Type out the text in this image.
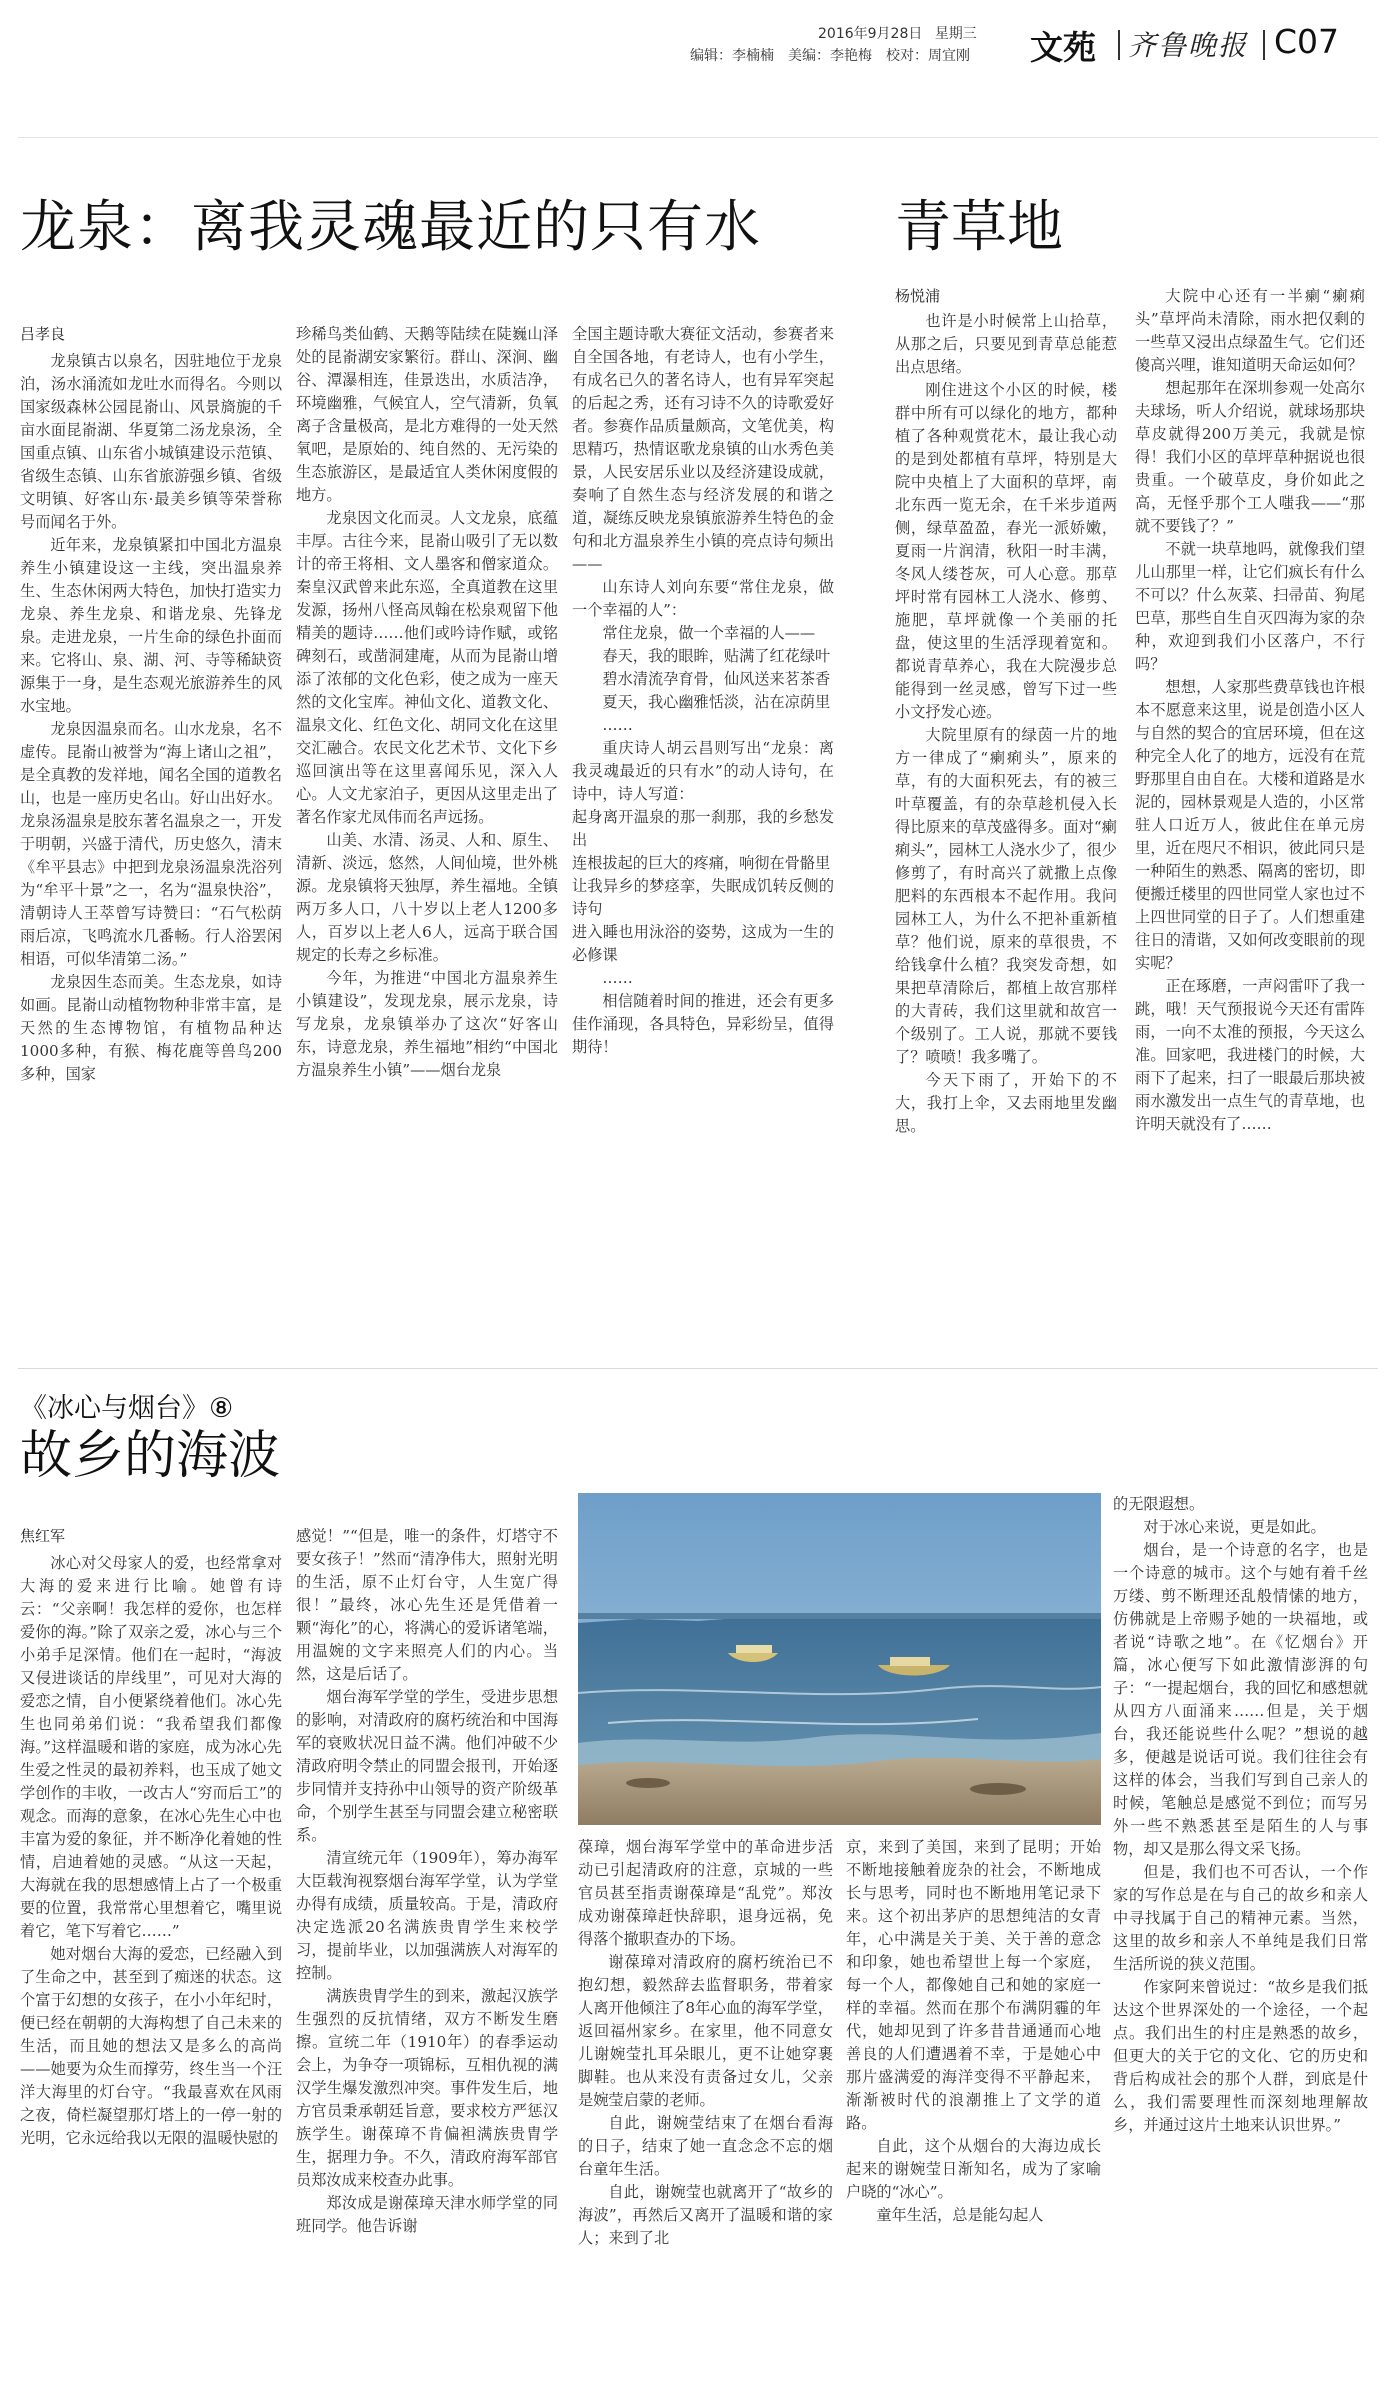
2016年9月28日 星期三
编辑：李楠楠　美编：李艳梅　校对：周宜刚 文苑 齐鲁晚报 C07
龙泉：离我灵魂最近的只有水
吕孝良

龙泉镇古以泉名，因驻地位于龙泉泊，汤水涌流如龙吐水而得名。今则以国家级森林公园昆嵛山、风景旖旎的千亩水面昆嵛湖、华夏第二汤龙泉汤，全国重点镇、山东省小城镇建设示范镇、省级生态镇、山东省旅游强乡镇、省级文明镇、好客山东·最美乡镇等荣誉称号而闻名于外。

近年来，龙泉镇紧扣中国北方温泉养生小镇建设这一主线，突出温泉养生、生态休闲两大特色，加快打造实力龙泉、养生龙泉、和谐龙泉、先锋龙泉。走进龙泉，一片生命的绿色扑面而来。它将山、泉、湖、河、寺等稀缺资源集于一身，是生态观光旅游养生的风水宝地。

龙泉因温泉而名。山水龙泉，名不虚传。昆嵛山被誉为“海上诸山之祖”，是全真教的发祥地，闻名全国的道教名山，也是一座历史名山。好山出好水。龙泉汤温泉是胶东著名温泉之一，开发于明朝，兴盛于清代，历史悠久，清末《牟平县志》中把到龙泉汤温泉洗浴列为“牟平十景”之一，名为“温泉快浴”，清朝诗人王萃曾写诗赞曰：“石气松荫雨后凉，飞鸣流水几番畅。行人浴罢闲相语，可似华清第二汤。”

龙泉因生态而美。生态龙泉，如诗如画。昆嵛山动植物物种非常丰富，是天然的生态博物馆，有植物品种达1000多种，有猴、梅花鹿等兽鸟200多种，国家

珍稀鸟类仙鹤、天鹅等陆续在陡巍山泽处的昆嵛湖安家繁衍。群山、深涧、幽谷、潭瀑相连，佳景迭出，水质洁净，环境幽雅，气候宜人，空气清新，负氧离子含量极高，是北方难得的一处天然氧吧，是原始的、纯自然的、无污染的生态旅游区，是最适宜人类休闲度假的地方。

龙泉因文化而灵。人文龙泉，底蕴丰厚。古往今来，昆嵛山吸引了无以数计的帝王将相、文人墨客和僧家道众。秦皇汉武曾来此东巡，全真道教在这里发源，扬州八怪高凤翰在松泉观留下他精美的题诗……他们或吟诗作赋，或铭碑刻石，或凿洞建庵，从而为昆嵛山增添了浓郁的文化色彩，使之成为一座天然的文化宝库。神仙文化、道教文化、温泉文化、红色文化、胡同文化在这里交汇融合。农民文化艺术节、文化下乡巡回演出等在这里喜闻乐见，深入人心。人文尤家泊子，更因从这里走出了著名作家尤凤伟而名声远扬。

山美、水清、汤灵、人和、原生、清新、淡远，悠然，人间仙境，世外桃源。龙泉镇将天独厚，养生福地。全镇两万多人口，八十岁以上老人1200多人，百岁以上老人6人，远高于联合国规定的长寿之乡标准。

今年，为推进“中国北方温泉养生小镇建设”，发现龙泉，展示龙泉，诗写龙泉，龙泉镇举办了这次“好客山东，诗意龙泉，养生福地”相约“中国北方温泉养生小镇”——烟台龙泉

全国主题诗歌大赛征文活动，参赛者来自全国各地，有老诗人，也有小学生，有成名已久的著名诗人，也有异军突起的后起之秀，还有习诗不久的诗歌爱好者。参赛作品质量颇高，文笔优美，构思精巧，热情讴歌龙泉镇的山水秀色美景，人民安居乐业以及经济建设成就，奏响了自然生态与经济发展的和谐之道，凝练反映龙泉镇旅游养生特色的金句和北方温泉养生小镇的亮点诗句频出——

山东诗人刘向东要“常住龙泉，做一个幸福的人”：

常住龙泉，做一个幸福的人——

春天，我的眼眸，贴满了红花绿叶

碧水清流孕育骨，仙风送来茗茶香

夏天，我心幽雅恬淡，沾在凉荫里

……

重庆诗人胡云昌则写出“龙泉：离我灵魂最近的只有水”的动人诗句，在诗中，诗人写道：

起身离开温泉的那一刹那，我的乡愁发出

连根拔起的巨大的疼痛，响彻在骨骼里

让我异乡的梦痉挛，失眠成饥转反侧的诗句

进入睡也用泳浴的姿势，这成为一生的必修课

……

相信随着时间的推进，还会有更多佳作涌现，各具特色，异彩纷呈，值得期待！

青草地
杨悦浦

也许是小时候常上山拾草，从那之后，只要见到青草总能惹出点思绪。

刚住进这个小区的时候，楼群中所有可以绿化的地方，都种植了各种观赏花木，最让我心动的是到处都植有草坪，特别是大院中央植上了大面积的草坪，南北东西一览无余，在千米步道两侧，绿草盈盈，春光一派娇嫩，夏雨一片润清，秋阳一时丰满，冬风人缕苍灰，可人心意。那草坪时常有园林工人浇水、修剪、施肥，草坪就像一个美丽的托盘，使这里的生活浮现着宽和。都说青草养心，我在大院漫步总能得到一丝灵感，曾写下过一些小文抒发心迹。

大院里原有的绿茵一片的地方一律成了“瘌痢头”，原来的草，有的大面积死去，有的被三叶草覆盖，有的杂草趁机侵入长得比原来的草茂盛得多。面对“瘌痢头”，园林工人浇水少了，很少修剪了，有时高兴了就撒上点像肥料的东西根本不起作用。我问园林工人，为什么不把补重新植草？他们说，原来的草很贵，不给钱拿什么植？我突发奇想，如果把草清除后，都植上故宫那样的大青砖，我们这里就和故宫一个级别了。工人说，那就不要钱了？喷喷！我多嘴了。

今天下雨了，开始下的不大，我打上伞，又去雨地里发幽思。

大院中心还有一半瘌“瘌痢头”草坪尚未清除，雨水把仅剩的一些草又浸出点绿盈生气。它们还傻高兴哩，谁知道明天命运如何？

想起那年在深圳参观一处高尔夫球场，听人介绍说，就球场那块草皮就得200万美元，我就是惊得！我们小区的草坪草种据说也很贵重。一个破草皮，身价如此之高，无怪乎那个工人嗤我——“那就不要钱了？”

不就一块草地吗，就像我们望儿山那里一样，让它们疯长有什么不可以？什么灰菜、扫帚苗、狗尾巴草，那些自生自灭四海为家的杂种，欢迎到我们小区落户，不行吗？

想想，人家那些费草钱也许根本不愿意来这里，说是创造小区人与自然的契合的宜居环境，但在这种完全人化了的地方，远没有在荒野那里自由自在。大楼和道路是水泥的，园林景观是人造的，小区常驻人口近万人，彼此住在单元房里，近在咫尺不相识，彼此同只是一种陌生的熟悉、隔离的密切，即便搬迁楼里的四世同堂人家也过不上四世同堂的日子了。人们想重建往日的清谐，又如何改变眼前的现实呢？

正在琢磨，一声闷雷吓了我一跳，哦！天气预报说今天还有雷阵雨，一向不太准的预报，今天这么准。回家吧，我进楼门的时候，大雨下了起来，扫了一眼最后那块被雨水激发出一点生气的青草地，也许明天就没有了……

《冰心与烟台》⑧
故乡的海波
焦红军

冰心对父母家人的爱，也经常拿对大海的爱来进行比喻。她曾有诗云：“父亲啊！我怎样的爱你，也怎样爱你的海。”除了双亲之爱，冰心与三个小弟手足深情。他们在一起时，“海波又侵进谈话的岸线里”，可见对大海的爱恋之情，自小便紧绕着他们。冰心先生也同弟弟们说：“我希望我们都像海。”这样温暖和谐的家庭，成为冰心先生爱之性灵的最初养料，也玉成了她文学创作的丰收，一改古人“穷而后工”的观念。而海的意象，在冰心先生心中也丰富为爱的象征，并不断净化着她的性情，启迪着她的灵感。“从这一天起，大海就在我的思想感情上占了一个极重要的位置，我常常心里想着它，嘴里说着它，笔下写着它……”

她对烟台大海的爱恋，已经融入到了生命之中，甚至到了痴迷的状态。这个富于幻想的女孩子，在小小年纪时，便已经在朝朝的大海构想了自己未来的生活，而且她的想法又是多么的高尚——她要为众生而撑劳，终生当一个汪洋大海里的灯台守。“我最喜欢在风雨之夜，倚栏凝望那灯塔上的一停一射的光明，它永远给我以无限的温暖快慰的

感觉！”“但是，唯一的条件，灯塔守不要女孩子！”然而“清净伟大，照射光明的生活，原不止灯台守，人生宽广得很！”最终，冰心先生还是凭借着一颗“海化”的心，将满心的爱诉诸笔端，用温婉的文字来照亮人们的内心。当然，这是后话了。

烟台海军学堂的学生，受进步思想的影响，对清政府的腐朽统治和中国海军的衰败状况日益不满。他们冲破不少清政府明令禁止的同盟会报刊，开始逐步同情并支持孙中山领导的资产阶级革命，个别学生甚至与同盟会建立秘密联系。

清宣统元年（1909年），筹办海军大臣载洵视察烟台海军学堂，认为学堂办得有成绩，质量较高。于是，清政府决定选派20名满族贵胄学生来校学习，提前毕业，以加强满族人对海军的控制。

满族贵胄学生的到来，激起汉族学生强烈的反抗情绪，双方不断发生磨擦。宣统二年（1910年）的春季运动会上，为争夺一项锦标，互相仇视的满汉学生爆发激烈冲突。事件发生后，地方官员秉承朝廷旨意，要求校方严惩汉族学生。谢葆璋不肯偏袒满族贵胄学生，据理力争。不久，清政府海军部官员郑汝成来校查办此事。

郑汝成是谢葆璋天津水师学堂的同班同学。他告诉谢

葆璋，烟台海军学堂中的革命进步活动已引起清政府的注意，京城的一些官员甚至指责谢葆璋是“乱党”。郑汝成劝谢葆璋赶快辞职，退身远祸，免得落个撤职查办的下场。

谢葆璋对清政府的腐朽统治已不抱幻想，毅然辞去监督职务，带着家人离开他倾注了8年心血的海军学堂，返回福州家乡。在家里，他不同意女儿谢婉莹扎耳朵眼儿，更不让她穿裹脚鞋。也从来没有责备过女儿，父亲是婉莹启蒙的老师。

自此，谢婉莹结束了在烟台看海的日子，结束了她一直念念不忘的烟台童年生活。

自此，谢婉莹也就离开了“故乡的海波”，再然后又离开了温暖和谐的家人；来到了北

京，来到了美国，来到了昆明；开始不断地接触着庞杂的社会，不断地成长与思考，同时也不断地用笔记录下来。这个初出茅庐的思想纯洁的女青年，心中满是关于美、关于善的意念和印象，她也希望世上每一个家庭，每一个人，都像她自己和她的家庭一样的幸福。然而在那个布满阴霾的年代，她却见到了许多昔昔通通而心地善良的人们遭遇着不幸，于是她心中那片盛满爱的海洋变得不平静起来，渐渐被时代的浪潮推上了文学的道路。

自此，这个从烟台的大海边成长起来的谢婉莹日渐知名，成为了家喻户晓的“冰心”。

童年生活，总是能勾起人

的无限遐想。

对于冰心来说，更是如此。

烟台，是一个诗意的名字，也是一个诗意的城市。这个与她有着千丝万缕、剪不断理还乱般情愫的地方，仿佛就是上帝赐予她的一块福地，或者说“诗歌之地”。在《忆烟台》开篇，冰心便写下如此激情澎湃的句子：“一提起烟台，我的回忆和感想就从四方八面涌来……但是，关于烟台，我还能说些什么呢？”想说的越多，便越是说话可说。我们往往会有这样的体会，当我们写到自己亲人的时候，笔触总是感觉不到位；而写另外一些不熟悉甚至是陌生的人与事物，却又是那么得文采飞扬。

但是，我们也不可否认，一个作家的写作总是在与自己的故乡和亲人中寻找属于自己的精神元素。当然，这里的故乡和亲人不单纯是我们日常生活所说的狭义范围。

作家阿来曾说过：“故乡是我们抵达这个世界深处的一个途径，一个起点。我们出生的村庄是熟悉的故乡，但更大的关于它的文化、它的历史和背后构成社会的那个人群，到底是什么，我们需要理性而深刻地理解故乡，并通过这片土地来认识世界。”
